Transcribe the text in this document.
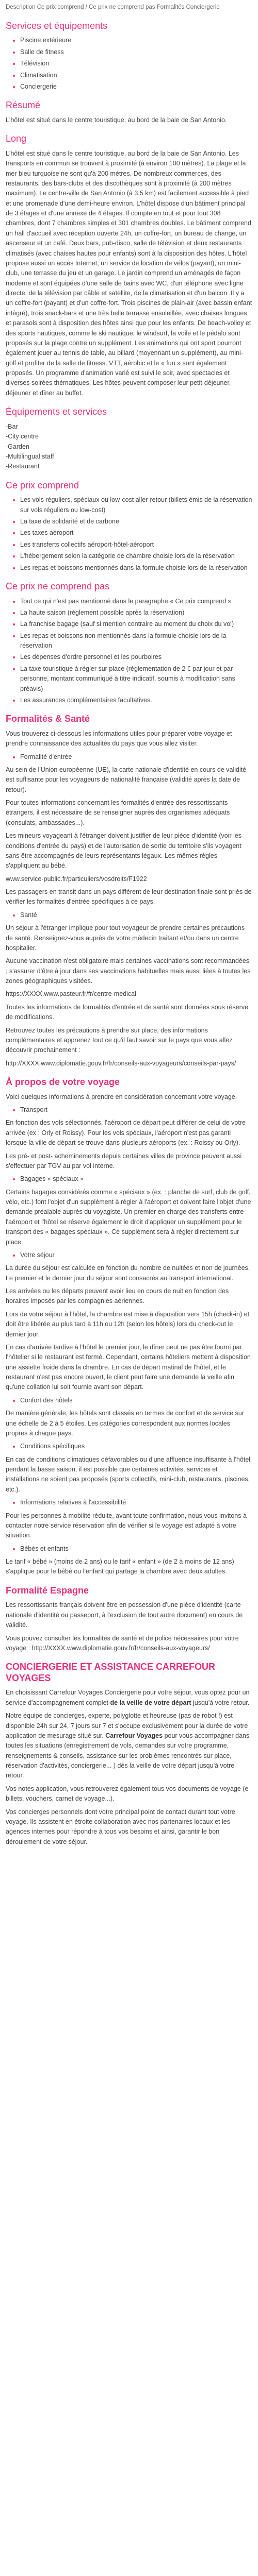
Description Ce prix comprend / Ce prix ne comprend pas Formalités Conciergerie
Services et équipements
• Piscine extérieure
• Salle de fitness
• Télévision
• Climatisation
• Conciergerie
Résumé

L'hôtel est situé dans le centre touristique, au bord de la baie de San Antonio.

Long

L'hôtel est situé dans le centre touristique, au bord de la baie de San Antonio. Les transports en commun se trouvent à proximité (à environ 100 mètres). La plage et la mer bleu turquoise ne sont qu'à 200 mètres. De nombreux commerces, des restaurants, des bars-clubs et des discothèques sont à proximité (à 200 mètres maximum). Le centre-ville de San Antonio (à 3,5 km) est facilement accessible à pied et une promenade d'une demi-heure environ. L'hôtel dispose d'un bâtiment principal de 3 étages et d'une annexe de 4 étages. Il compte en tout et pour tout 308 chambres, dont 7 chambres simples et 301 chambres doubles. Le bâtiment comprend un hall d'accueil avec réception ouverte 24h, un coffre-fort, un bureau de change, un ascenseur et un café. Deux bars, pub-disco, salle de télévision et deux restaurants climatisés (avec chaises hautes pour enfants) sont à la disposition des hôtes. L'hôtel propose aussi un accès Internet, un service de location de vélos (payant), un mini-club, une terrasse du jeu et un garage. Le jardin comprend un aménagés de façon moderne et sont équipées d'une salle de bains avec WC, d'un téléphone avec ligne directe, de la télévision par câble et satellite, de la climatisation et d'un balcon. Il y a un coffre-fort (payant) et d'un coffre-fort. Trois piscines de plain-air (avec bassin enfant intégré), trois snack-bars et une très belle terrasse ensoleillée, avec chaises longues et parasols sont à disposition des hôtes ainsi que pour les enfants. De beach-volley et des sports nautiques, comme le ski nautique, le windsurf, la voile et le pédalo sont proposés sur la plage contre un supplément. Les animations qui ont sport pourront également jouer au tennis de table, au billard (moyennant un supplément), au mini-golf et profiter de la salle de fitness. VTT, aérobic et le « fun » sont également proposés. Un programme d'animation varié est suivi le soir, avec spectacles et diverses soirées thématiques. Les hôtes peuvent composer leur petit-déjeuner, déjeuner et dîner au buffet.

Équipements et services

-Bar

-City centre

-Garden

-Multilingual staff

-Restaurant

Ce prix comprend
• Les vols réguliers, spéciaux ou low-cost aller-retour (billets émis de la réservation sur vols réguliers ou low-cost)
• La taxe de solidarité et de carbone
• Les taxes aéroport
• Les transferts collectifs aéroport-hôtel-aéroport
• L'hébergement selon la catégorie de chambre choisie lors de la réservation
• Les repas et boissons mentionnés dans la formule choisie lors de la réservation
Ce prix ne comprend pas
• Tout ce qui n'est pas mentionné dans le paragraphe « Ce prix comprend »
• La haute saison (réglement possible après la réservation)
• La franchise bagage (sauf si mention contraire au moment du choix du vol)
• Les repas et boissons non mentionnés dans la formule choisie lors de la réservation
• Les dépenses d'ordre personnel et les pourboires
• La taxe touristique à régler sur place (réglementation de 2 € par jour et par personne, montant communiqué à titre indicatif, soumis à modification sans préavis)
• Les assurances complémentaires facultatives.
Formalités & Santé

Vous trouverez ci-dessous les informations utiles pour préparer votre voyage et prendre connaissance des actualités du pays que vous allez visiter.

• Formalité d'entrée

Au sein de l'Union européenne (UE), la carte nationale d'identité en cours de validité est suffisante pour les voyageurs de nationalité française (validité après la date de retour).

Pour toutes informations concernant les formalités d'entrée des ressortissants étrangers, il est nécessaire de se renseigner auprès des organismes adéquats (consulats, ambassades...).

Les mineurs voyageant à l'étranger doivent justifier de leur pièce d'identité (voir les conditions d'entrée du pays) et de l'autorisation de sortie du territoire s'ils voyagent sans être accompagnés de leurs représentants légaux. Les mêmes règles s'appliquent au bébé.

www.service-public.fr/particuliers/vosdroits/F1922

Les passagers en transit dans un pays différent de leur destination finale sont priés de vérifier les formalités d'entrée spécifiques à ce pays.

• Santé

Un séjour à l'étranger implique pour tout voyageur de prendre certaines précautions de santé. Renseignez-vous auprès de votre médecin traitant et/ou dans un centre hospitalier.

Aucune vaccination n'est obligatoire mais certaines vaccinations sont recommandées ; s'assurer d'être à jour dans ses vaccinations habituelles mais aussi liées à toutes les zones géographiques visitées.

https://XXXX.www.pasteur.fr/fr/centre-medical

Toutes les informations de formalités d'entrée et de santé sont données sous réserve de modifications.

Retrouvez toutes les précautions à prendre sur place, des informations complémentaires et apprenez tout ce qu'il faut savoir sur le pays que vous allez découvrir prochainement :

http://XXXX.www.diplomatie.gouv.fr/fr/conseils-aux-voyageurs/conseils-par-pays/

À propos de votre voyage

Voici quelques informations à prendre en considération concernant votre voyage.

• Transport

En fonction des vols sélectionnés, l'aéroport de départ peut différer de celui de votre arrivée (ex : Orly et Roissy). Pour les vols spéciaux, l'aéroport n'est pas garanti lorsque la ville de départ se trouve dans plusieurs aéroports (ex. : Roissy ou Orly).

Les pré- et post- acheminements depuis certaines villes de province peuvent aussi s'effectuer par TGV au par vol interne.

• Bagages « spéciaux »

Certains bagages considérés comme « spéciaux » (ex. : planche de surf, club de golf, vélo, etc.) font l'objet d'un supplément à régler à l'aéroport et doivent faire l'objet d'une demande préalable auprès du voyagiste. Un premier en charge des transferts entre l'aéroport et l'hôtel se réserve également le droit d'appliquer un supplément pour le transport des « bagages spéciaux ». Ce supplément sera à régler directement sur place.

• Votre séjour

La durée du séjour est calculée en fonction du nombre de nuitées et non de journées. Le premier et le dernier jour du séjour sont consacrés au transport international.

Les arrivées ou les départs peuvent avoir lieu en cours de nuit en fonction des horaires imposés par les compagnies aériennes.

Lors de votre séjour à l'hôtel, la chambre est mise à disposition vers 15h (check-in) et doit être libérée au plus tard à 11h ou 12h (selon les hôtels) lors du check-out le dernier jour.

En cas d'arrivée tardive à l'hôtel le premier jour, le dîner peut ne pas être fourni par l'hôtelier si le restaurant est fermé. Cependant, certains hôteliers mettent à disposition une assiette froide dans la chambre. En cas de départ matinal de l'hôtel, et le restaurant n'est pas encore ouvert, le client peut faire une demande la veille afin qu'une collation lui soit fournie avant son départ.

• Confort des hôtels

De manière générale, les hôtels sont classés en termes de confort et de service sur une échelle de 2 à 5 étoiles. Les catégories correspondent aux normes locales propres à chaque pays.

• Conditions spécifiques

En cas de conditions climatiques défavorables ou d'une affluence insuffisante à l'hôtel pendant la basse saison, il est possible que certaines activités, services et installations ne soient pas proposés (sports collectifs, mini-club, restaurants, piscines, etc.).

• Informations relatives à l'accessibilité

Pour les personnes à mobilité réduite, avant toute confirmation, nous vous invitons à contacter notre service réservation afin de vérifier si le voyage est adapté à votre situation.

• Bébés et enfants

Le tarif « bébé » (moins de 2 ans) ou le tarif « enfant » (de 2 à moins de 12 ans) s'applique pour le bébé ou l'enfant qui partage la chambre avec deux adultes.

Formalité Espagne

Les ressortissants français doivent être en possession d'une pièce d'identité (carte nationale d'identité ou passeport, à l'exclusion de tout autre document) en cours de validité.

Vous pouvez consulter les formalités de santé et de police nécessaires pour votre voyage : http://XXXX.www.diplomatie.gouv.fr/fr/conseils-aux-voyageurs/

CONCIERGERIE ET ASSISTANCE CARREFOUR VOYAGES

En choisissant Carrefour Voyages Conciergerie pour votre séjour, vous optez pour un service d'accompagnement complet de la veille de votre départ jusqu'à votre retour.

Notre équipe de concierges, experte, polyglotte et heureuse (pas de robot !) est disponible 24h sur 24, 7 jours sur 7 et s'occupe exclusivement pour la durée de votre application de mesurage situé sur. Carrefour Voyages pour vous accompagner dans toutes les situations (enregistrement de vols, demandes sur votre programme, renseignements & conseils, assistance sur les problèmes rencontrés sur place, réservation d'activités, conciergerie... ) dès la veille de votre départ jusqu'à votre retour.

Vos notes application, vous retrouverez également tous vos documents de voyage (e-billets, vouchers, carnet de voyage...).

Vos concierges personnels dont votre principal point de contact durant tout votre voyage. Ils assistent en étroite collaboration avec nos partenaires locaux et les agences internes pour répondre à tous vos besoins et ainsi, garantir le bon déroulement de votre séjour.
